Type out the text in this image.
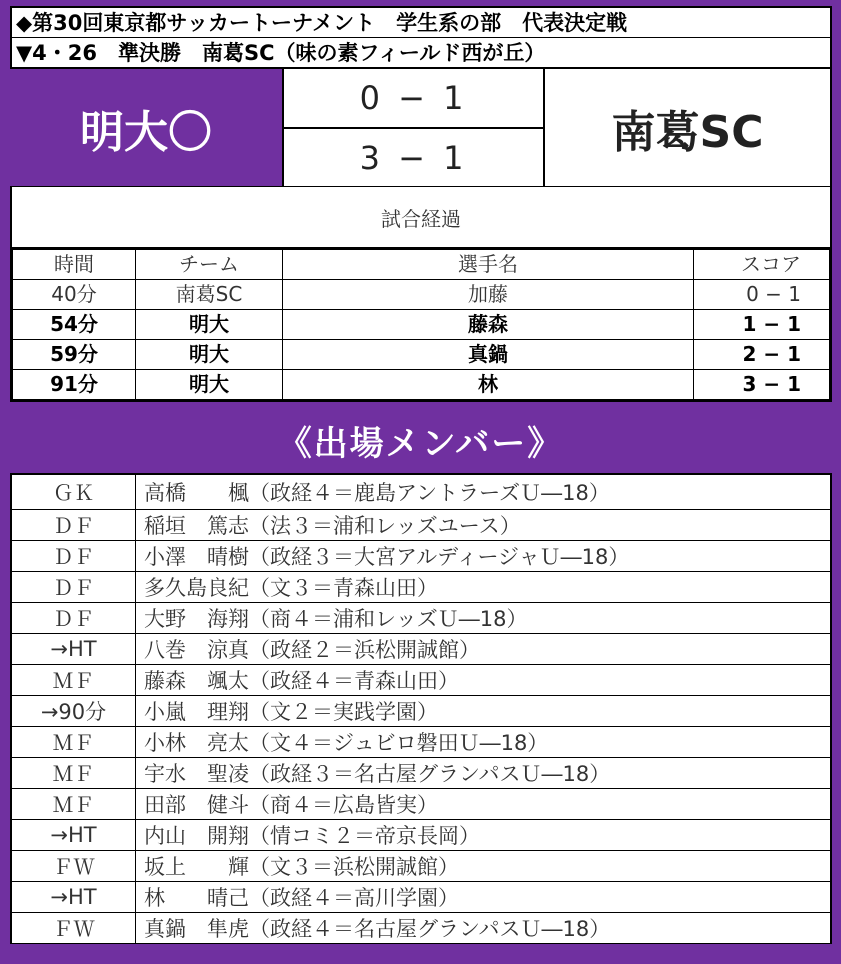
◆第30回東京都サッカートーナメント　学生系の部　代表決定戦
▼4・26　準決勝　南葛SC（味の素フィールド西が丘）
明大〇
0 − 1
3 − 1
南葛SC
試合経過
時間	チーム	選手名	スコア
40分	南葛SC	加藤	0 − 1
54分	明大	藤森	1 − 1
59分	明大	真鍋	2 − 1
91分	明大	林	3 − 1
《出場メンバー》
ＧＫ	高橋　　楓（政経４＝鹿島アントラーズＵ―18）
ＤＦ	稲垣　篤志（法３＝浦和レッズユース）
ＤＦ	小澤　晴樹（政経３＝大宮アルディージャＵ―18）
ＤＦ	多久島良紀（文３＝青森山田）
ＤＦ	大野　海翔（商４＝浦和レッズＵ―18）
→HT	八巻　涼真（政経２＝浜松開誠館）
ＭＦ	藤森　颯太（政経４＝青森山田）
→90分	小嵐　理翔（文２＝実践学園）
ＭＦ	小林　亮太（文４＝ジュビロ磐田Ｕ―18）
ＭＦ	宇水　聖凌（政経３＝名古屋グランパスＵ―18）
ＭＦ	田部　健斗（商４＝広島皆実）
→HT	内山　開翔（情コミ２＝帝京長岡）
ＦＷ	坂上　　輝（文３＝浜松開誠館）
→HT	林　　晴己（政経４＝高川学園）
ＦＷ	真鍋　隼虎（政経４＝名古屋グランパスＵ―18）
